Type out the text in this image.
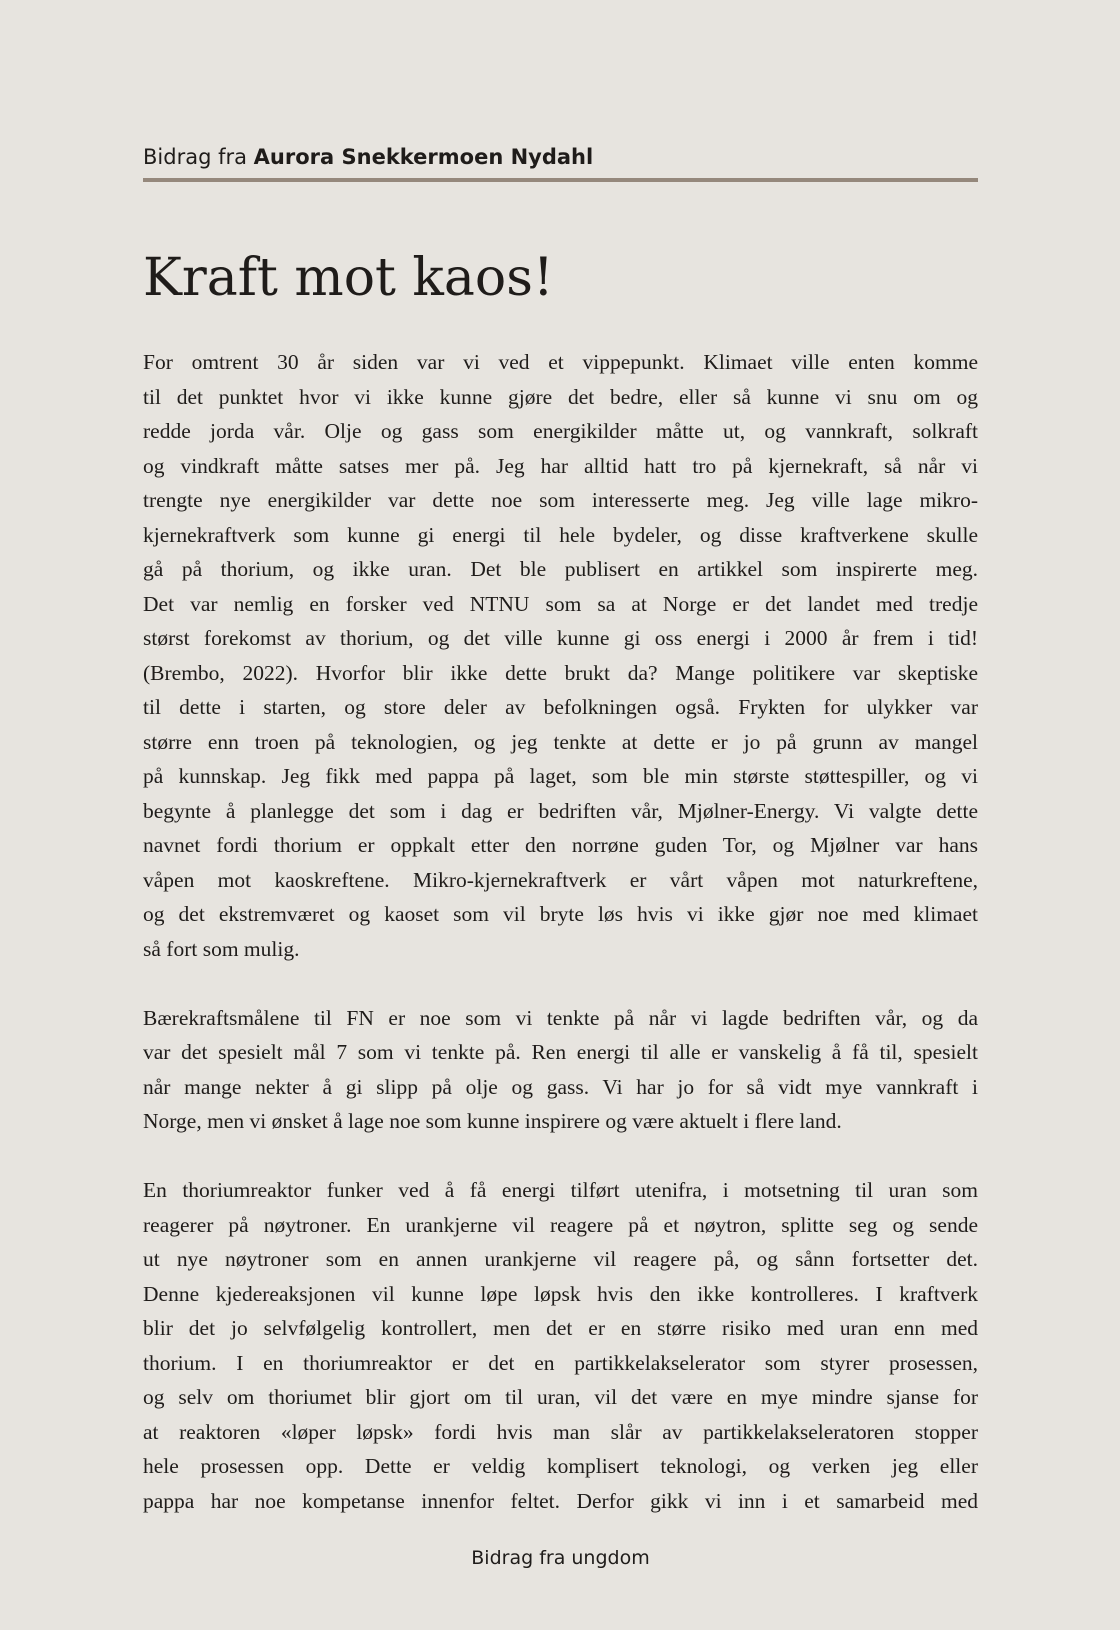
Bidrag fra Aurora Snekkermoen Nydahl
Kraft mot kaos!
For omtrent 30 år siden var vi ved et vippepunkt. Klimaet ville enten komme
til det punktet hvor vi ikke kunne gjøre det bedre, eller så kunne vi snu om og
redde jorda vår. Olje og gass som energikilder måtte ut, og vannkraft, solkraft
og vindkraft måtte satses mer på. Jeg har alltid hatt tro på kjernekraft, så når vi
trengte nye energikilder var dette noe som interesserte meg. Jeg ville lage mikro-
kjernekraftverk som kunne gi energi til hele bydeler, og disse kraftverkene skulle
gå på thorium, og ikke uran. Det ble publisert en artikkel som inspirerte meg.
Det var nemlig en forsker ved NTNU som sa at Norge er det landet med tredje
størst forekomst av thorium, og det ville kunne gi oss energi i 2000 år frem i tid!
(Brembo, 2022). Hvorfor blir ikke dette brukt da? Mange politikere var skeptiske
til dette i starten, og store deler av befolkningen også. Frykten for ulykker var
større enn troen på teknologien, og jeg tenkte at dette er jo på grunn av mangel
på kunnskap. Jeg fikk med pappa på laget, som ble min største støttespiller, og vi
begynte å planlegge det som i dag er bedriften vår, Mjølner-Energy. Vi valgte dette
navnet fordi thorium er oppkalt etter den norrøne guden Tor, og Mjølner var hans
våpen mot kaoskreftene. Mikro-kjernekraftverk er vårt våpen mot naturkreftene,
og det ekstremværet og kaoset som vil bryte løs hvis vi ikke gjør noe med klimaet
så fort som mulig.
Bærekraftsmålene til FN er noe som vi tenkte på når vi lagde bedriften vår, og da
var det spesielt mål 7 som vi tenkte på. Ren energi til alle er vanskelig å få til, spesielt
når mange nekter å gi slipp på olje og gass. Vi har jo for så vidt mye vannkraft i
Norge, men vi ønsket å lage noe som kunne inspirere og være aktuelt i flere land.
En thoriumreaktor funker ved å få energi tilført utenifra, i motsetning til uran som
reagerer på nøytroner. En urankjerne vil reagere på et nøytron, splitte seg og sende
ut nye nøytroner som en annen urankjerne vil reagere på, og sånn fortsetter det.
Denne kjedereaksjonen vil kunne løpe løpsk hvis den ikke kontrolleres. I kraftverk
blir det jo selvfølgelig kontrollert, men det er en større risiko med uran enn med
thorium. I en thoriumreaktor er det en partikkelakselerator som styrer prosessen,
og selv om thoriumet blir gjort om til uran, vil det være en mye mindre sjanse for
at reaktoren «løper løpsk» fordi hvis man slår av partikkelakseleratoren stopper
hele prosessen opp. Dette er veldig komplisert teknologi, og verken jeg eller
pappa har noe kompetanse innenfor feltet. Derfor gikk vi inn i et samarbeid med
Bidrag fra ungdom
